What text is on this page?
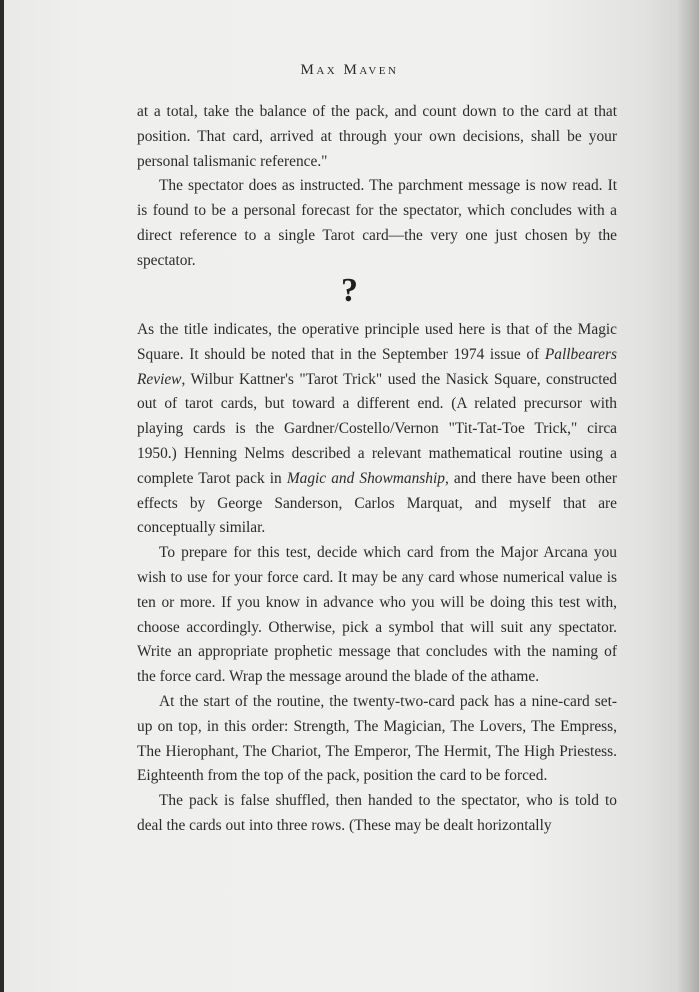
Max Maven

at a total, take the balance of the pack, and count down to the card at that position. That card, arrived at through your own decisions, shall be your personal talismanic reference."

The spectator does as instructed. The parchment message is now read. It is found to be a personal forecast for the spectator, which concludes with a direct reference to a single Tarot card—the very one just chosen by the spectator.

?

As the title indicates, the operative principle used here is that of the Magic Square. It should be noted that in the September 1974 issue of Pallbearers Review, Wilbur Kattner's "Tarot Trick" used the Nasick Square, constructed out of tarot cards, but toward a different end. (A related precursor with playing cards is the Gardner/Costello/Vernon "Tit-Tat-Toe Trick," circa 1950.) Henning Nelms described a relevant mathematical routine using a complete Tarot pack in Magic and Showmanship, and there have been other effects by George Sanderson, Carlos Marquat, and myself that are conceptually similar.

To prepare for this test, decide which card from the Major Arcana you wish to use for your force card. It may be any card whose numerical value is ten or more. If you know in advance who you will be doing this test with, choose accordingly. Otherwise, pick a symbol that will suit any spectator. Write an appropriate prophetic message that concludes with the naming of the force card. Wrap the message around the blade of the athame.

At the start of the routine, the twenty-two-card pack has a nine-card set-up on top, in this order: Strength, The Magician, The Lovers, The Empress, The Hierophant, The Chariot, The Emperor, The Hermit, The High Priestess. Eighteenth from the top of the pack, position the card to be forced.

The pack is false shuffled, then handed to the spectator, who is told to deal the cards out into three rows. (These may be dealt horizontally
